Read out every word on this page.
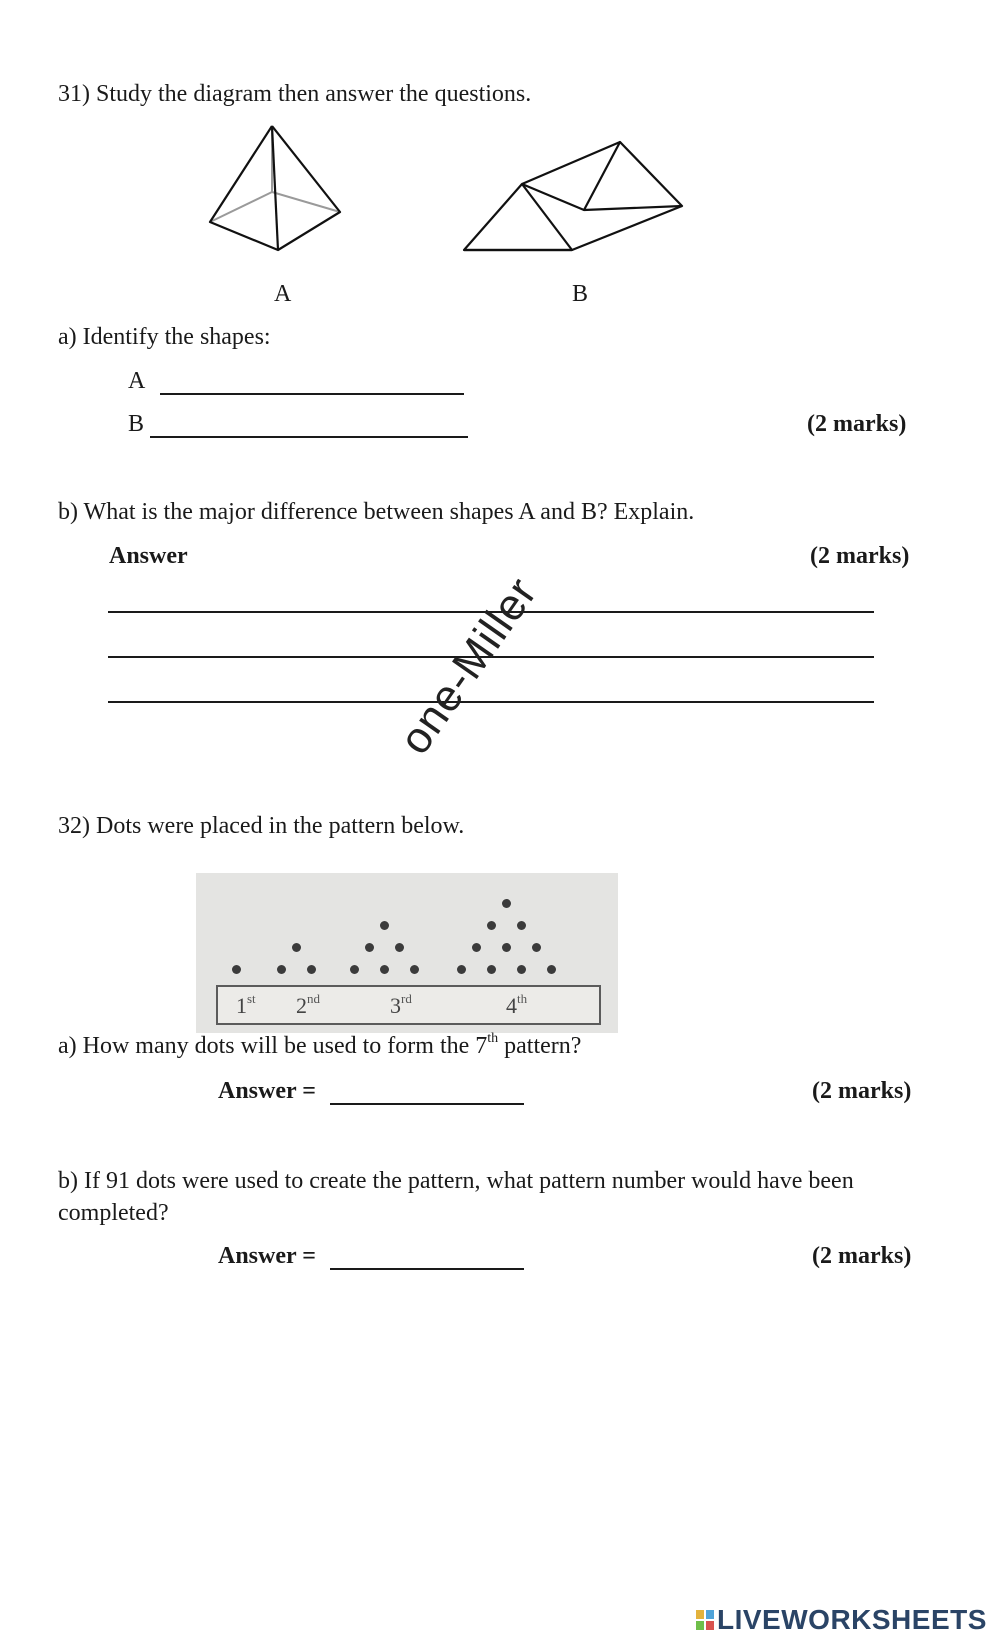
31) Study the diagram then answer the questions.
A	B
a) Identify the shapes:
A
B	(2 marks)
b) What is the major difference between shapes A and B? Explain.
Answer	(2 marks)
32) Dots were placed in the pattern below.
1st 2nd	3rd	4th
a) How many dots will be used to form the 7th pattern?
Answer =	(2 marks)
b) If 91 dots were used to create the pattern, what pattern number would have been
completed?
Answer =	(2 marks)
one-Miller
LIVEWORKSHEETS
